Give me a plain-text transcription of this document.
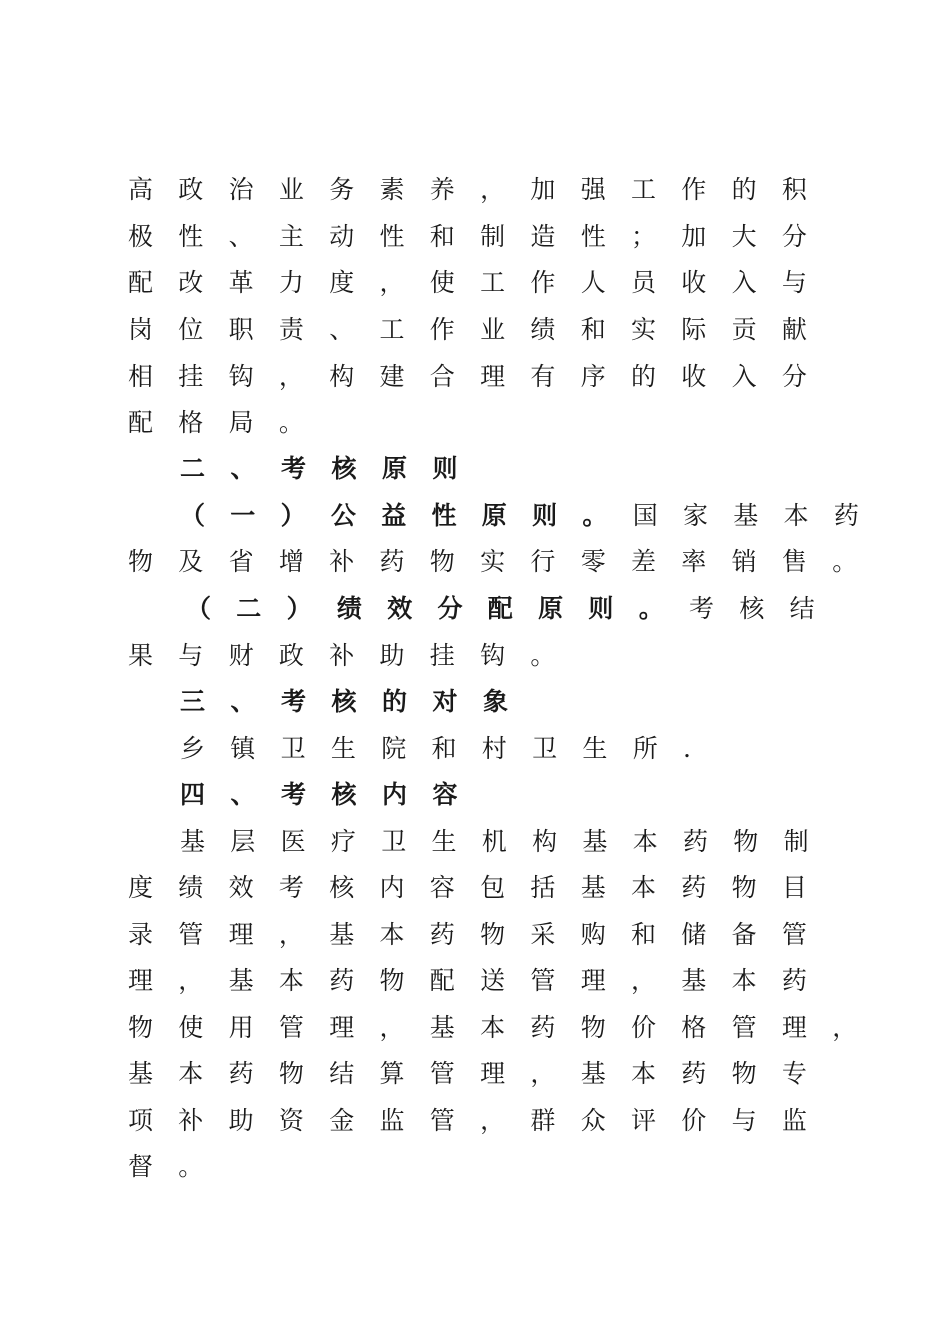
高政治业务素养，加强工作的积
极性、主动性和制造性；加大分
配改革力度，使工作人员收入与
岗位职责、工作业绩和实际贡献
相挂钩，构建合理有序的收入分
配格局。
二、考核原则
（一）公益性原则。国家基本药
物及省增补药物实行零差率销售。
（二）绩效分配原则。考核结
果与财政补助挂钩。
三、考核的对象
乡镇卫生院和村卫生所.
四、考核内容
基层医疗卫生机构基本药物制
度绩效考核内容包括基本药物目
录管理，基本药物采购和储备管
理，基本药物配送管理，基本药
物使用管理，基本药物价格管理，
基本药物结算管理，基本药物专
项补助资金监管，群众评价与监
督。
